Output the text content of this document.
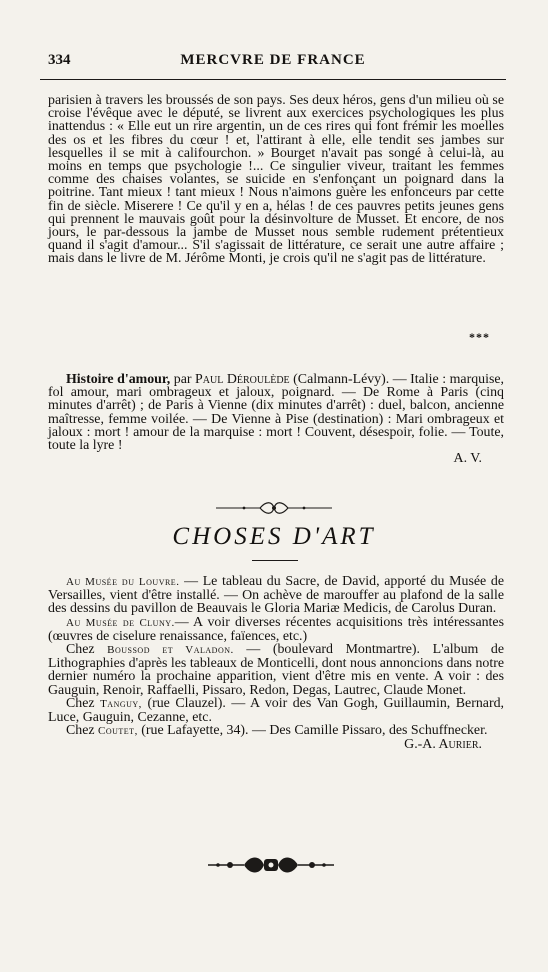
334	MERCVRE DE FRANCE

parisien à travers les broussés de son pays. Ses deux héros, gens d'un milieu où se croise l'évêque avec le député, se livrent aux exercices psychologiques les plus inattendus : « Elle eut un rire argentin, un de ces rires qui font frémir les moelles des os et les fibres du cœur ! et, l'attirant à elle, elle tendit ses jambes sur lesquelles il se mit à califourchon. » Bourget n'avait pas songé à celui-là, au moins en temps que psychologie !... Ce singulier viveur, traitant les femmes comme des chaises volantes, se suicide en s'enfonçant un poignard dans la poitrine. Tant mieux ! tant mieux ! Nous n'aimons guère les enfonceurs par cette fin de siècle. Miserere ! Ce qu'il y en a, hélas ! de ces pauvres petits jeunes gens qui prennent le mauvais goût pour la désinvolture de Musset. Et encore, de nos jours, le par-dessous la jambe de Musset nous semble rudement prétentieux quand il s'agit d'amour... S'il s'agissait de littérature, ce serait une autre affaire ; mais dans le livre de M. Jérôme Monti, je crois qu'il ne s'agit pas de littérature.

***

Histoire d'amour, par Paul Déroulède (Calmann-Lévy). — Italie : marquise, fol amour, mari ombrageux et jaloux, poignard. — De Rome à Paris (cinq minutes d'arrêt) ; de Paris à Vienne (dix minutes d'arrêt) : duel, balcon, ancienne maîtresse, femme voilée. — De Vienne à Pise (destination) : Mari ombrageux et jaloux : mort ! amour de la marquise : mort ! Couvent, désespoir, folie. — Toute, toute la lyre !

A. V.

CHOSES D'ART

Au Musée du Louvre. — Le tableau du Sacre, de David, apporté du Musée de Versailles, vient d'être installé. — On achève de marouffer au plafond de la salle des dessins du pavillon de Beauvais le Gloria Mariæ Medicis, de Carolus Duran.

Au Musée de Cluny.— A voir diverses récentes acquisitions très intéressantes (œuvres de ciselure renaissance, faïences, etc.)

Chez Boussod et Valadon. — (boulevard Montmartre). L'album de Lithographies d'après les tableaux de Monticelli, dont nous annoncions dans notre dernier numéro la prochaine apparition, vient d'être mis en vente. A voir : des Gauguin, Renoir, Raffaelli, Pissaro, Redon, Degas, Lautrec, Claude Monet.

Chez Tanguy, (rue Clauzel). — A voir des Van Gogh, Guillaumin, Bernard, Luce, Gauguin, Cezanne, etc.

Chez Coutet, (rue Lafayette, 34). — Des Camille Pissaro, des Schuffnecker.

G.-A. Aurier.
